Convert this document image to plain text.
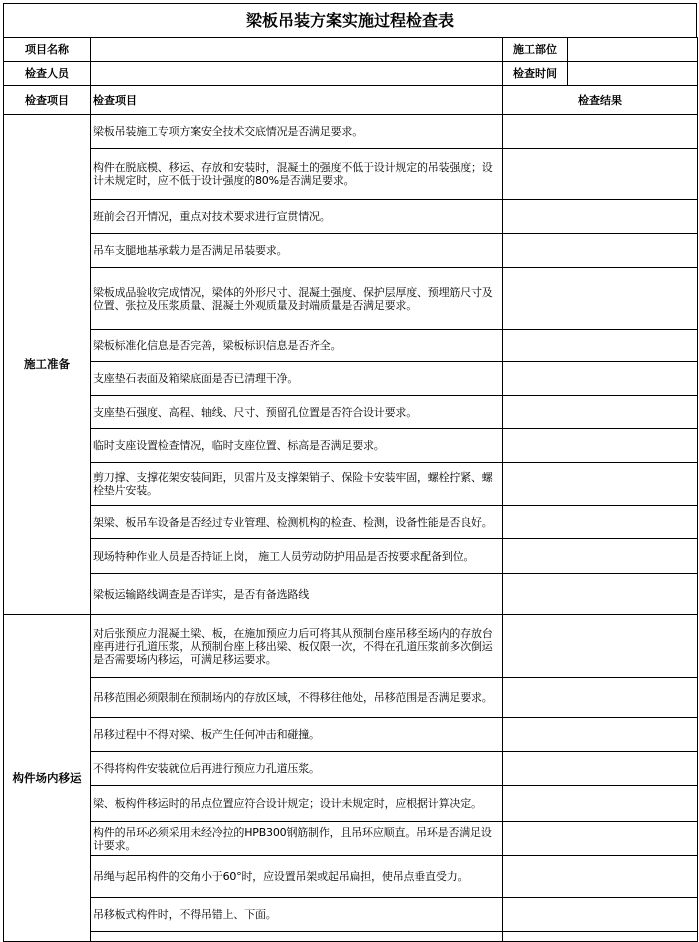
梁板吊装方案实施过程检查表
项目名称		施工部位	
检查人员		检查时间	
检查项目	检查项目	检查结果	
施工准备	梁板吊装施工专项方案安全技术交底情况是否满足要求。		
	构件在脱底模、移运、存放和安装时，混凝土的强度不低于设计规定的吊装强度；设计未规定时，应不低于设计强度的80%是否满足要求。		
	班前会召开情况，重点对技术要求进行宣贯情况。		
	吊车支腿地基承载力是否满足吊装要求。		
	梁板成品验收完成情况，梁体的外形尺寸、混凝土强度、保护层厚度、预埋筋尺寸及位置、张拉及压浆质量、混凝土外观质量及封端质量是否满足要求。		
	梁板标准化信息是否完善，梁板标识信息是否齐全。		
	支座垫石表面及箱梁底面是否已清理干净。		
	支座垫石强度、高程、轴线、尺寸、预留孔位置是否符合设计要求。		
	临时支座设置检查情况，临时支座位置、标高是否满足要求。		
	剪刀撑、支撑花架安装间距，贝雷片及支撑架销子、保险卡安装牢固，螺栓拧紧、螺栓垫片安装。		
	架梁、板吊车设备是否经过专业管理、检测机构的检查、检测，设备性能是否良好。		
	现场特种作业人员是否持证上岗， 施工人员劳动防护用品是否按要求配备到位。		
	梁板运输路线调查是否详实，是否有备选路线		
构件场内移运	对后张预应力混凝土梁、板，在施加预应力后可将其从预制台座吊移至场内的存放台座再进行孔道压浆，从预制台座上移出梁、板仅限一次，不得在孔道压浆前多次倒运是否需要场内移运，可满足移运要求。		
	吊移范围必须限制在预制场内的存放区域，不得移往他处，吊移范围是否满足要求。		
	吊移过程中不得对梁、板产生任何冲击和碰撞。		
	不得将构件安装就位后再进行预应力孔道压浆。		
	梁、板构件移运时的吊点位置应符合设计规定；设计未规定时，应根据计算决定。		
	构件的吊环必须采用未经冷拉的HPB300钢筋制作，且吊环应顺直。吊环是否满足设计要求。		
	吊绳与起吊构件的交角小于60°时，应设置吊架或起吊扁担，使吊点垂直受力。		
	吊移板式构件时，不得吊错上、下面。		
